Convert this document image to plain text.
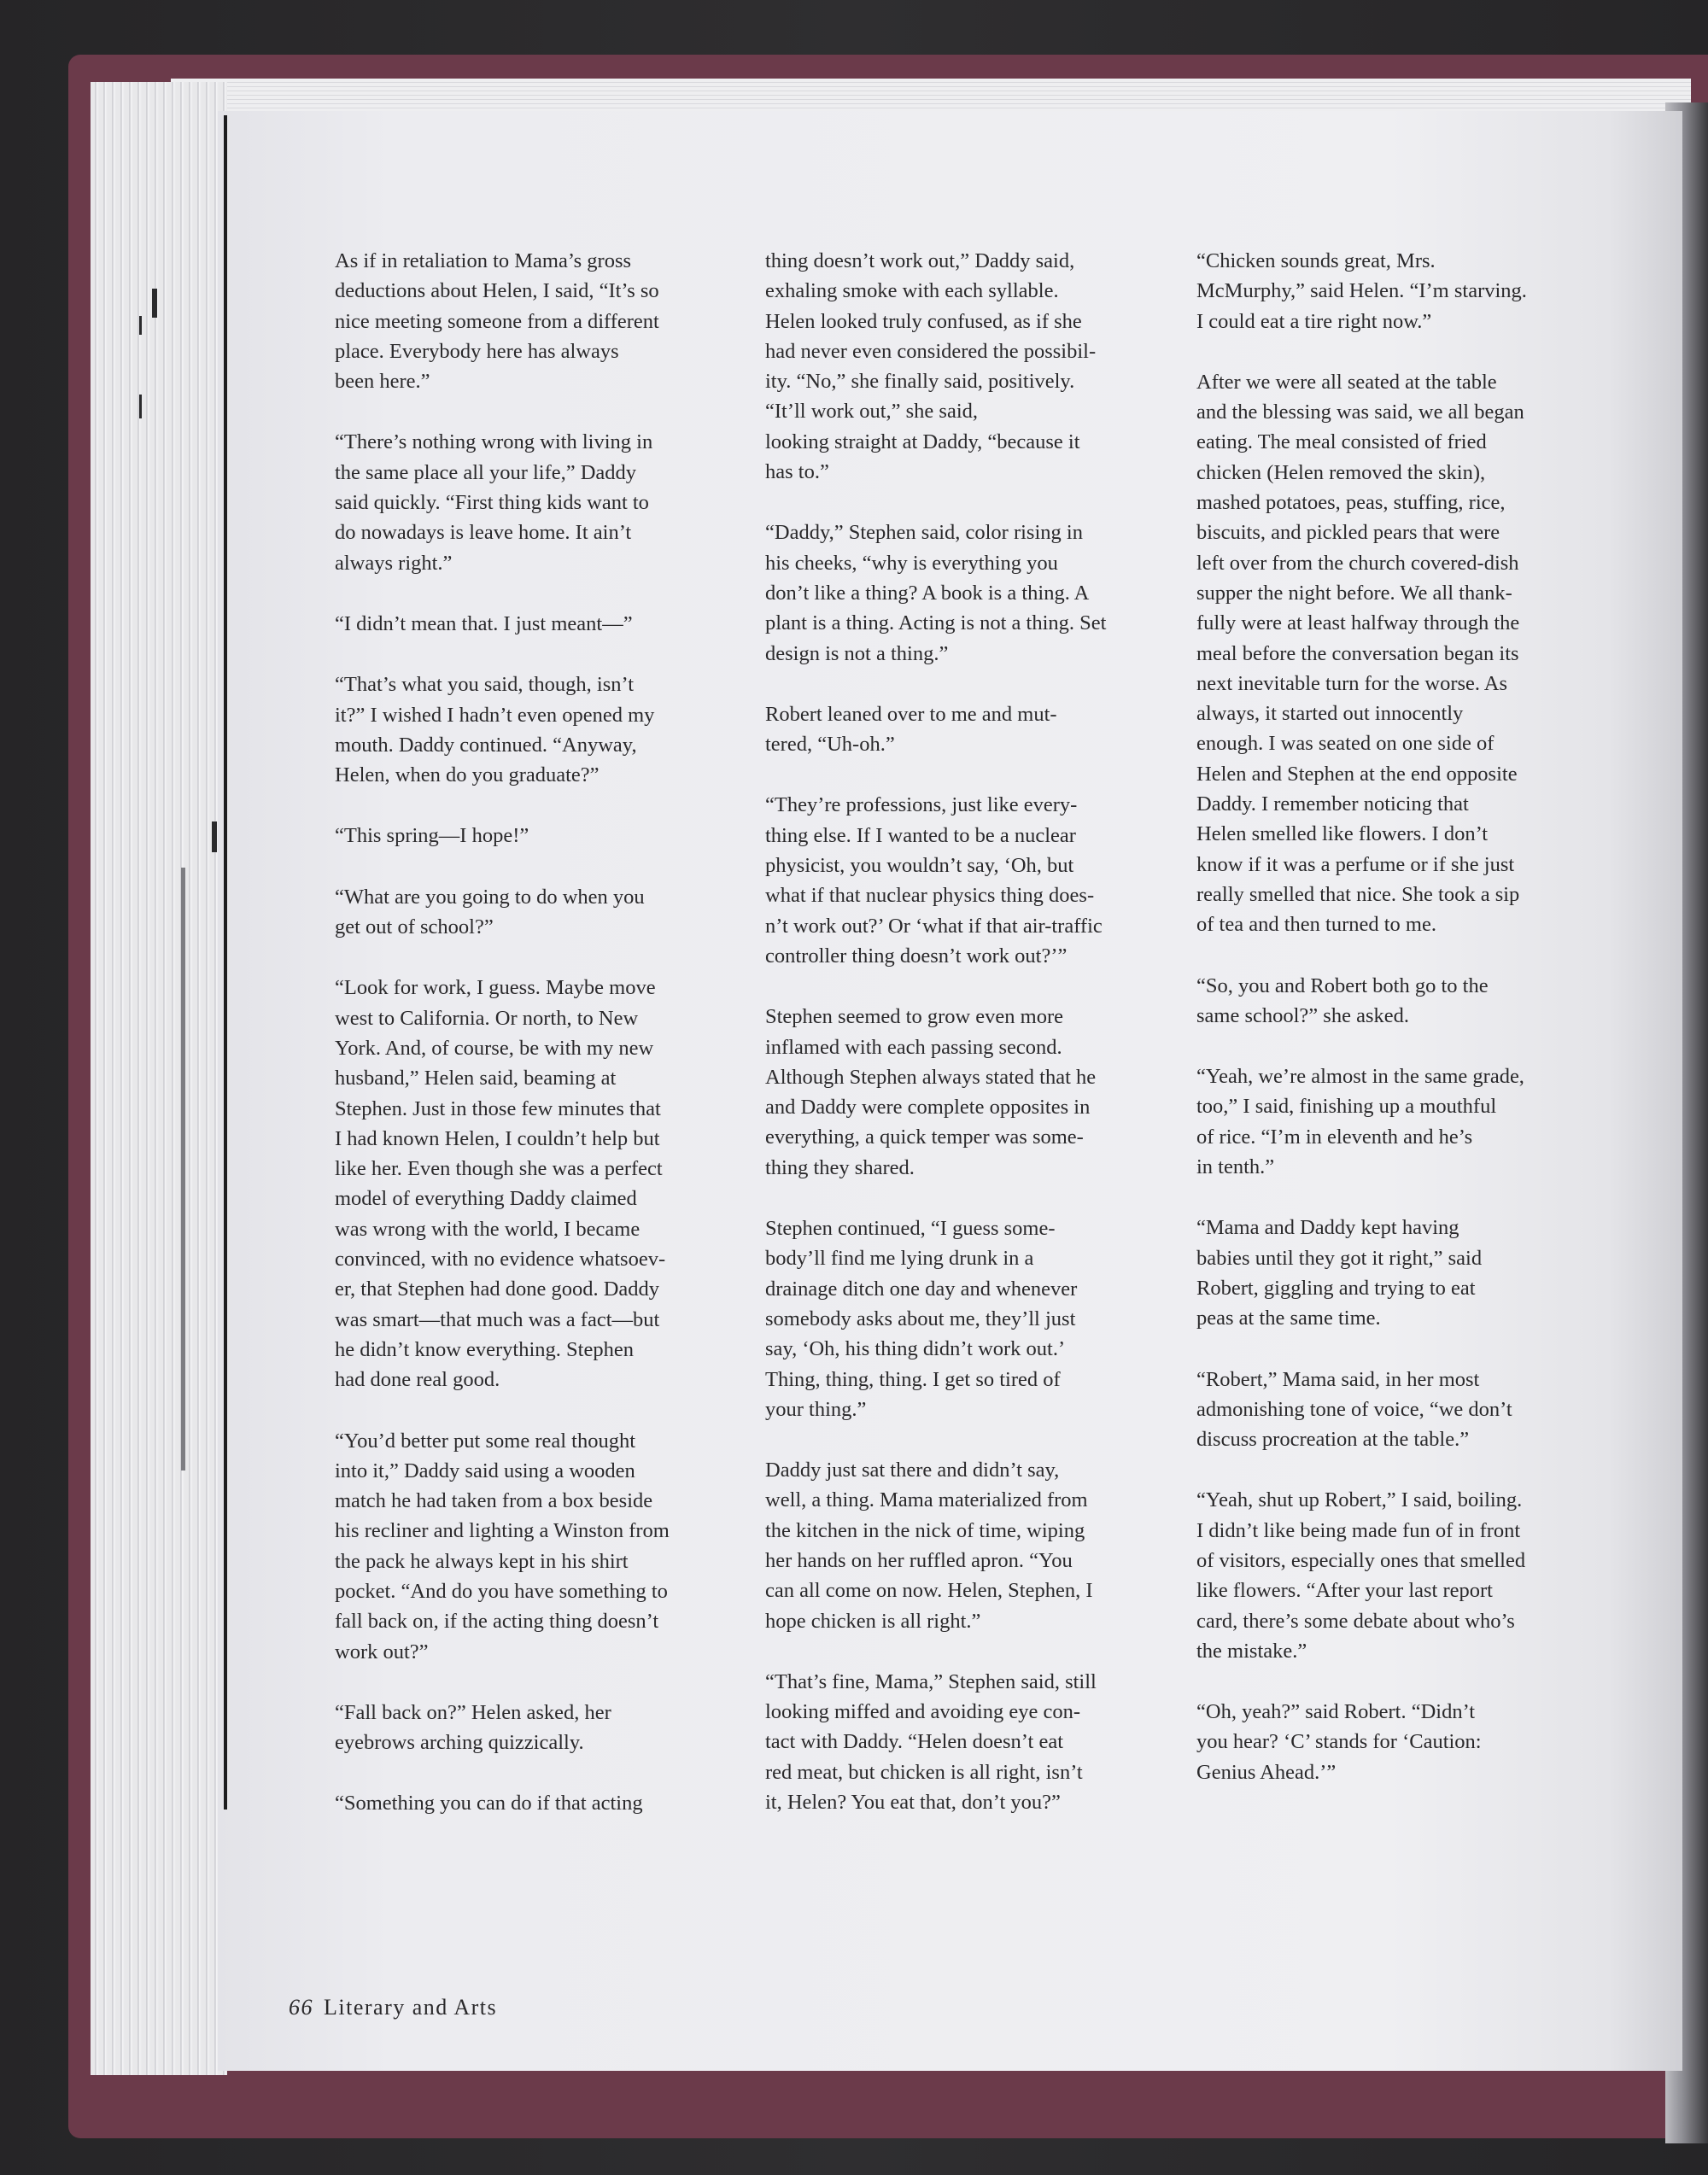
As if in retaliation to Mama’s gross
deductions about Helen, I said, “It’s so
nice meeting someone from a different
place. Everybody here has always
been here.”

“There’s nothing wrong with living in
the same place all your life,” Daddy
said quickly. “First thing kids want to
do nowadays is leave home. It ain’t
always right.”

“I didn’t mean that. I just meant—”

“That’s what you said, though, isn’t
it?” I wished I hadn’t even opened my
mouth. Daddy continued. “Anyway,
Helen, when do you graduate?”

“This spring—I hope!”

“What are you going to do when you
get out of school?”

“Look for work, I guess. Maybe move
west to California. Or north, to New
York. And, of course, be with my new
husband,” Helen said, beaming at
Stephen. Just in those few minutes that
I had known Helen, I couldn’t help but
like her. Even though she was a perfect
model of everything Daddy claimed
was wrong with the world, I became
convinced, with no evidence whatsoev-
er, that Stephen had done good. Daddy
was smart—that much was a fact—but
he didn’t know everything. Stephen
had done real good.

“You’d better put some real thought
into it,” Daddy said using a wooden
match he had taken from a box beside
his recliner and lighting a Winston from
the pack he always kept in his shirt
pocket. “And do you have something to
fall back on, if the acting thing doesn’t
work out?”

“Fall back on?” Helen asked, her
eyebrows arching quizzically.

“Something you can do if that acting

thing doesn’t work out,” Daddy said,
exhaling smoke with each syllable.
Helen looked truly confused, as if she
had never even considered the possibil-
ity. “No,” she finally said, positively.
“It’ll work out,” she said,
looking straight at Daddy, “because it
has to.”

“Daddy,” Stephen said, color rising in
his cheeks, “why is everything you
don’t like a thing? A book is a thing. A
plant is a thing. Acting is not a thing. Set
design is not a thing.”

Robert leaned over to me and mut-
tered, “Uh-oh.”

“They’re professions, just like every-
thing else. If I wanted to be a nuclear
physicist, you wouldn’t say, ‘Oh, but
what if that nuclear physics thing does-
n’t work out?’ Or ‘what if that air-traffic
controller thing doesn’t work out?’”

Stephen seemed to grow even more
inflamed with each passing second.
Although Stephen always stated that he
and Daddy were complete opposites in
everything, a quick temper was some-
thing they shared.

Stephen continued, “I guess some-
body’ll find me lying drunk in a
drainage ditch one day and whenever
somebody asks about me, they’ll just
say, ‘Oh, his thing didn’t work out.’
Thing, thing, thing. I get so tired of
your thing.”

Daddy just sat there and didn’t say,
well, a thing. Mama materialized from
the kitchen in the nick of time, wiping
her hands on her ruffled apron. “You
can all come on now. Helen, Stephen, I
hope chicken is all right.”

“That’s fine, Mama,” Stephen said, still
looking miffed and avoiding eye con-
tact with Daddy. “Helen doesn’t eat
red meat, but chicken is all right, isn’t
it, Helen? You eat that, don’t you?”

“Chicken sounds great, Mrs.
McMurphy,” said Helen. “I’m starving.
I could eat a tire right now.”

After we were all seated at the table
and the blessing was said, we all began
eating. The meal consisted of fried
chicken (Helen removed the skin),
mashed potatoes, peas, stuffing, rice,
biscuits, and pickled pears that were
left over from the church covered-dish
supper the night before. We all thank-
fully were at least halfway through the
meal before the conversation began its
next inevitable turn for the worse. As
always, it started out innocently
enough. I was seated on one side of
Helen and Stephen at the end opposite
Daddy. I remember noticing that
Helen smelled like flowers. I don’t
know if it was a perfume or if she just
really smelled that nice. She took a sip
of tea and then turned to me.

“So, you and Robert both go to the
same school?” she asked.

“Yeah, we’re almost in the same grade,
too,” I said, finishing up a mouthful
of rice. “I’m in eleventh and he’s
in tenth.”

“Mama and Daddy kept having
babies until they got it right,” said
Robert, giggling and trying to eat
peas at the same time.

“Robert,” Mama said, in her most
admonishing tone of voice, “we don’t
discuss procreation at the table.”

“Yeah, shut up Robert,” I said, boiling.
I didn’t like being made fun of in front
of visitors, especially ones that smelled
like flowers. “After your last report
card, there’s some debate about who’s
the mistake.”

“Oh, yeah?” said Robert. “Didn’t
you hear? ‘C’ stands for ‘Caution:
Genius Ahead.’”

66 Literary and Arts
